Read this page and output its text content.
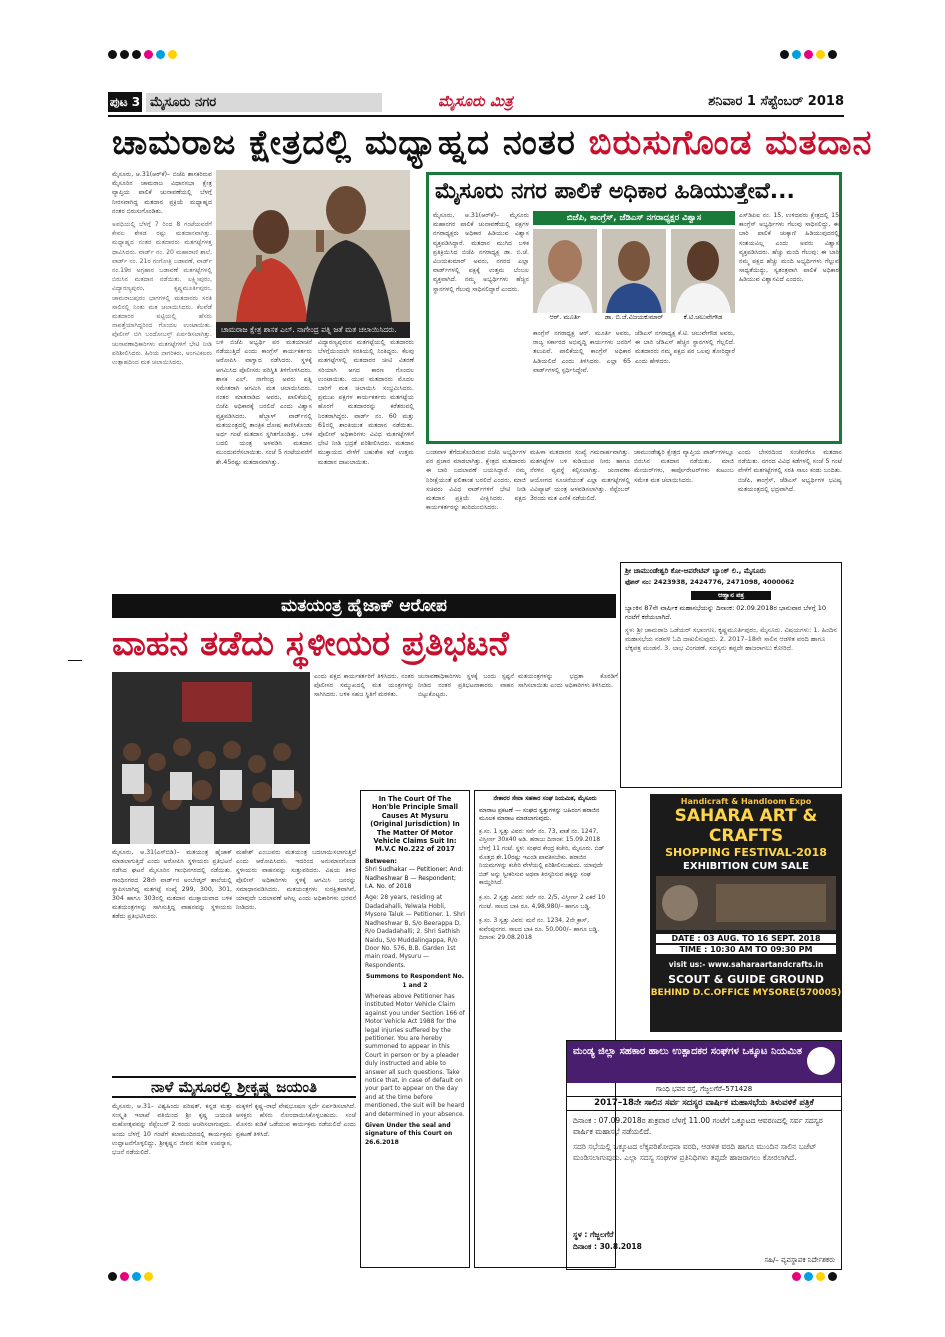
ಪುಟ 3 ಮೈಸೂರು ನಗರ	ಮೈಸೂರು ಮಿತ್ರ	ಶನಿವಾರ 1 ಸೆಪ್ಟೆಂಬರ್ 2018
ಚಾಮರಾಜ ಕ್ಷೇತ್ರದಲ್ಲಿ ಮಧ್ಯಾಹ್ನದ ನಂತರ ಬಿರುಸುಗೊಂಡ ಮತದಾನ
ಮೈಸೂರು, ಆ.31(ಆರ್‌ಕೆ)– ಬಿಜೆಪಿ ಶಾಸಕರಿರುವ ಮೈಸೂರಿನ ಚಾಮರಾಜ ವಿಧಾನಸಭಾ ಕ್ಷೇತ್ರ ವ್ಯಾಪ್ತಿಯ ಪಾಲಿಕೆ ಚುನಾವಣೆಯಲ್ಲಿ ಬೆಳಗ್ಗೆ ನೀರಸವಾಗಿದ್ದ ಮತದಾನ ಪ್ರಕ್ರಿಯೆ ಮಧ್ಯಾಹ್ನದ ನಂತರ ಬಿರುಸುಗೊಂಡಿತು.
ಅವಧಿಯಲ್ಲಿ ಬೆಳಗ್ಗೆ 7 ರಿಂದ 8 ಗಂಟೆಯವರೆಗೆ ಕೇವಲ ಶೇಕಡ ರಷ್ಟು ಮತದಾನವಾಗಿತ್ತು. ಮಧ್ಯಾಹ್ನದ ನಂತರ ಮತದಾರರು ಮತಗಟ್ಟೆಗಳತ್ತ ಧಾವಿಸಿದರು. ವಾರ್ಡ್ ನಂ. 20 ಮಹಾರಾಣಿ ಶಾಲೆ, ವಾರ್ಡ್ ನಂ. 21ರ ಗಂಗೋತ್ರಿ ಬಡಾವಣೆ, ವಾರ್ಡ್ ನಂ.19ರ ಅಗ್ರಹಾರ ಬಡಾವಣೆ ಮತಗಟ್ಟೆಗಳಲ್ಲಿ ಬಿರುಸಿನ ಮತದಾನ ನಡೆಯಿತು. ಲಕ್ಷ್ಮೀಪುರಂ, ವಿದ್ಯಾರಣ್ಯಪುರಂ, ಕೃಷ್ಣಮೂರ್ತಿಪುರಂ, ಚಾಮರಾಜಪುರಂ ಭಾಗಗಳಲ್ಲಿ ಮತದಾರರು ಸರತಿ ಸಾಲಿನಲ್ಲಿ ನಿಂತು ಮತ ಚಲಾಯಿಸಿದರು. ಕೆಲವೆಡೆ ಮತದಾರರ ಪಟ್ಟಿಯಲ್ಲಿ ಹೆಸರು ನಾಪತ್ತೆಯಾಗಿದ್ದರಿಂದ ಗೊಂದಲ ಉಂಟಾಯಿತು. ಪೊಲೀಸ್ ಬಿಗಿ ಬಂದೋಬಸ್ತ್ ಏರ್ಪಡಿಸಲಾಗಿತ್ತು. ಚುನಾವಣಾಧಿಕಾರಿಗಳು ಮತಗಟ್ಟೆಗಳಿಗೆ ಭೇಟಿ ನೀಡಿ ಪರಿಶೀಲಿಸಿದರು. ಹಿರಿಯ ನಾಗರಿಕರು, ಅಂಗವಿಕಲರು ಉತ್ಸಾಹದಿಂದ ಮತ ಚಲಾಯಿಸಿದರು.
ಚಾಮರಾಜ ಕ್ಷೇತ್ರ ಶಾಸಕ ಎಲ್. ನಾಗೇಂದ್ರ ಪತ್ನಿ ಜತೆ ಮತ ಚಲಾಯಿಸಿದರು.
ಬಳಿ ಬಿಜೆಪಿ ಅಭ್ಯರ್ಥಿ ಪರ ಮತಯಾಚನೆ ನಡೆಯುತ್ತಿದೆ ಎಂದು ಕಾಂಗ್ರೆಸ್ ಕಾರ್ಯಕರ್ತರು ಆರೋಪಿಸಿ ವಾಗ್ವಾದ ನಡೆಸಿದರು. ಸ್ಥಳಕ್ಕೆ ಆಗಮಿಸಿದ ಪೊಲೀಸರು ಪರಿಸ್ಥಿತಿ ತಿಳಿಗೊಳಿಸಿದರು. ಶಾಸಕ ಎಲ್. ನಾಗೇಂದ್ರ ಅವರು ಪತ್ನಿ ಸಮೇತರಾಗಿ ಆಗಮಿಸಿ ಮತ ಚಲಾಯಿಸಿದರು. ನಂತರ ಮಾತನಾಡಿದ ಅವರು, ಪಾಲಿಕೆಯಲ್ಲಿ ಬಿಜೆಪಿ ಅಧಿಕಾರಕ್ಕೆ ಬರಲಿದೆ ಎಂದು ವಿಶ್ವಾಸ ವ್ಯಕ್ತಪಡಿಸಿದರು. ಹೆಬ್ಬಾಳ್ ವಾರ್ಡ್‌ನಲ್ಲಿ ಮತಯಂತ್ರದಲ್ಲಿ ತಾಂತ್ರಿಕ ದೋಷ ಕಾಣಿಸಿಕೊಂಡು ಅರ್ಧ ಗಂಟೆ ಮತದಾನ ಸ್ಥಗಿತಗೊಂಡಿತ್ತು. ಬಳಿಕ ಬದಲಿ ಯಂತ್ರ ಅಳವಡಿಸಿ ಮತದಾನ ಮುಂದುವರೆಸಲಾಯಿತು. ಸಂಜೆ 5 ಗಂಟೆಯವರೆಗೆ ಶೇ.45ರಷ್ಟು ಮತದಾನವಾಗಿತ್ತು.
ವಿದ್ಯಾರಣ್ಯಪುರಂನ ಮತಗಟ್ಟೆಯಲ್ಲಿ ಮತದಾರರು ಬೆಳಗ್ಗೆಯಿಂದಲೇ ಸರತಿಯಲ್ಲಿ ನಿಂತಿದ್ದರು. ಕೆಲವು ಮತಗಟ್ಟೆಗಳಲ್ಲಿ ಮತದಾರರ ಚೀಟಿ ವಿತರಣೆ ಸರಿಯಾಗಿ ಆಗದ ಕಾರಣ ಗೊಂದಲ ಉಂಟಾಯಿತು. ಯುವ ಮತದಾರರು ಮೊದಲ ಬಾರಿಗೆ ಮತ ಚಲಾಯಿಸಿ ಸಂಭ್ರಮಿಸಿದರು. ಪ್ರಮುಖ ಪಕ್ಷಗಳ ಕಾರ್ಯಕರ್ತರು ಮತಗಟ್ಟೆಯ ಹೊರಗೆ ಮತದಾರರನ್ನು ಕರೆತರುವಲ್ಲಿ ನಿರತರಾಗಿದ್ದರು. ವಾರ್ಡ್ ನಂ. 60 ಮತ್ತು 61ರಲ್ಲಿ ಶಾಂತಿಯುತ ಮತದಾನ ನಡೆಯಿತು. ಪೊಲೀಸ್ ಅಧಿಕಾರಿಗಳು ವಿವಿಧ ಮತಗಟ್ಟೆಗಳಿಗೆ ಭೇಟಿ ನೀಡಿ ಭದ್ರತೆ ಪರಿಶೀಲಿಸಿದರು. ಮತದಾನ ಮುಕ್ತಾಯದ ವೇಳೆಗೆ ಬಹುತೇಕ ಕಡೆ ಉತ್ತಮ ಮತದಾನ ದಾಖಲಾಯಿತು.
ಮೈಸೂರು ನಗರ ಪಾಲಿಕೆ ಅಧಿಕಾರ ಹಿಡಿಯುತ್ತೇವೆ...
ಮೈಸೂರು, ಆ.31(ಆರ್‌ಕೆ)– ಮೈಸೂರು ಮಹಾನಗರ ಪಾಲಿಕೆ ಚುನಾವಣೆಯಲ್ಲಿ ಪಕ್ಷಗಳ ನಗರಾಧ್ಯಕ್ಷರು ಅಧಿಕಾರ ಹಿಡಿಯುವ ವಿಶ್ವಾಸ ವ್ಯಕ್ತಪಡಿಸಿದ್ದಾರೆ. ಮತದಾನ ಮುಗಿದ ಬಳಿಕ ಪ್ರತಿಕ್ರಿಯಿಸಿದ ಬಿಜೆಪಿ ನಗರಾಧ್ಯಕ್ಷ ಡಾ. ಬಿ.ಜೆ. ವಿಜಯಕುಮಾರ್ ಅವರು, ನಗರದ ಎಲ್ಲಾ ವಾರ್ಡ್‌ಗಳಲ್ಲಿ ಪಕ್ಷಕ್ಕೆ ಉತ್ತಮ ಬೆಂಬಲ ವ್ಯಕ್ತವಾಗಿದೆ. ನಮ್ಮ ಅಭ್ಯರ್ಥಿಗಳು ಹೆಚ್ಚಿನ ಸ್ಥಾನಗಳಲ್ಲಿ ಗೆಲುವು ಸಾಧಿಸಲಿದ್ದಾರೆ ಎಂದರು.
ಬಿಜೆಪಿ, ಕಾಂಗ್ರೆಸ್, ಜೆಡಿಎಸ್ ನಗರಾಧ್ಯಕ್ಷರ ವಿಶ್ವಾಸ
ಆರ್. ಮೂರ್ತಿ	ಡಾ. ಬಿ.ಜೆ.ವಿಜಯಕುಮಾರ್	ಕೆ.ಟಿ.ಚಲುವೇಗೌಡ
ಕಾಂಗ್ರೆಸ್ ನಗರಾಧ್ಯಕ್ಷ ಆರ್. ಮೂರ್ತಿ ಅವರು, ರಾಜ್ಯ ಸರ್ಕಾರದ ಅಭಿವೃದ್ಧಿ ಕಾರ್ಯಗಳು ಜನರಿಗೆ ತಲುಪಿವೆ. ಪಾಲಿಕೆಯಲ್ಲಿ ಕಾಂಗ್ರೆಸ್ ಅಧಿಕಾರ ಹಿಡಿಯಲಿದೆ ಎಂದು ತಿಳಿಸಿದರು. ಎಲ್ಲಾ 65 ವಾರ್ಡ್‌ಗಳಲ್ಲಿ ಸ್ಪರ್ಧಿಸಿದ್ದೇವೆ.
ಜೆಡಿಎಸ್ ನಗರಾಧ್ಯಕ್ಷ ಕೆ.ಟಿ. ಚಲುವೇಗೌಡ ಅವರು, ಈ ಬಾರಿ ಜೆಡಿಎಸ್ ಹೆಚ್ಚಿನ ಸ್ಥಾನಗಳಲ್ಲಿ ಗೆಲ್ಲಲಿದೆ. ಮತದಾರರು ನಮ್ಮ ಪಕ್ಷದ ಪರ ಒಲವು ತೋರಿದ್ದಾರೆ ಎಂದು ಹೇಳಿದರು.
ಎಸ್‌ಡಿಪಿಐ ನಂ. 15, ಉಳಿದವರು ಕ್ಷೇತ್ರದಲ್ಲಿ 15 ಕಾಂಗ್ರೆಸ್ ಅಭ್ಯರ್ಥಿಗಳು ಗೆಲುವು ಸಾಧಿಸಲಿದ್ದು, ಈ ಬಾರಿ ಪಾಲಿಕೆ ಚುಕ್ಕಾಣಿ ಹಿಡಿಯುವುದರಲ್ಲಿ ಸಂಶಯವಿಲ್ಲ ಎಂದು ಅವರು ವಿಶ್ವಾಸ ವ್ಯಕ್ತಪಡಿಸಿದರು. ಹೆಚ್ಚು ಮಂದಿ ಗೆಲುವು: ಈ ಬಾರಿ ನಮ್ಮ ಪಕ್ಷದ ಹೆಚ್ಚು ಮಂದಿ ಅಭ್ಯರ್ಥಿಗಳು ಗೆಲ್ಲುವ ಸಾಧ್ಯತೆಯಿದ್ದು, ಸ್ವತಂತ್ರವಾಗಿ ಪಾಲಿಕೆ ಅಧಿಕಾರ ಹಿಡಿಯುವ ವಿಶ್ವಾಸವಿದೆ ಎಂದರು.
ಬಂಡವಾಳ ತೆಗೆದುಕೊಂಡಿರುವ ಬಿಜೆಪಿ ಅಭ್ಯರ್ಥಿಗಳ ಪರ ಪ್ರಚಾರ ಮಾಡಲಾಗಿತ್ತು. ಕ್ಷೇತ್ರದ ಮತದಾರರು ಈ ಬಾರಿ ಬದಲಾವಣೆ ಬಯಸಿದ್ದಾರೆ. ನಮ್ಮ ನಿರೀಕ್ಷೆಯಂತೆ ಫಲಿತಾಂಶ ಬರಲಿದೆ ಎಂದರು. ಮಾಜಿ ಸಚಿವರು ವಿವಿಧ ವಾರ್ಡ್‌ಗಳಿಗೆ ಭೇಟಿ ನೀಡಿ ಮತದಾನ ಪ್ರಕ್ರಿಯೆ ವೀಕ್ಷಿಸಿದರು. ಪಕ್ಷದ ಕಾರ್ಯಕರ್ತರನ್ನು ಹುರಿದುಂಬಿಸಿದರು.
ಮಹಿಳಾ ಮತದಾರರ ಸಂಖ್ಯೆ ಗಮನಾರ್ಹವಾಗಿತ್ತು. ಮತಗಟ್ಟೆಗಳ ಬಳಿ ಕುಡಿಯುವ ನೀರು ಹಾಗೂ ನೆರಳಿನ ವ್ಯವಸ್ಥೆ ಕಲ್ಪಿಸಲಾಗಿತ್ತು. ಚುನಾವಣಾ ಆಯೋಗದ ಸೂಚನೆಯಂತೆ ಎಲ್ಲಾ ಮತಗಟ್ಟೆಗಳಲ್ಲಿ ವಿವಿಪ್ಯಾಟ್ ಯಂತ್ರ ಅಳವಡಿಸಲಾಗಿತ್ತು. ಸೆಪ್ಟೆಂಬರ್ 3ರಂದು ಮತ ಎಣಿಕೆ ನಡೆಯಲಿದೆ.
ಚಾಮುಂಡೇಶ್ವರಿ ಕ್ಷೇತ್ರದ ವ್ಯಾಪ್ತಿಯ ವಾರ್ಡ್‌ಗಳಲ್ಲೂ ಬಿರುಸಿನ ಮತದಾನ ನಡೆಯಿತು. ಮಾಜಿ ಮೇಯರ್‌ಗಳು, ಕಾರ್ಪೊರೇಟರ್‌ಗಳು ಕುಟುಂಬ ಸಮೇತ ಮತ ಚಲಾಯಿಸಿದರು.
ಎಂದು ಬೇಸರದಿಂದ ಸಂಜೆವರೆಗೂ ಮತದಾನ ನಡೆಯಿತು. ನಗರದ ವಿವಿಧ ಕಡೆಗಳಲ್ಲಿ ಸಂಜೆ 5 ಗಂಟೆ ವೇಳೆಗೆ ಮತಗಟ್ಟೆಗಳಲ್ಲಿ ಸರತಿ ಸಾಲು ಕಂಡು ಬಂದಿತು. ಬಿಜೆಪಿ, ಕಾಂಗ್ರೆಸ್, ಜೆಡಿಎಸ್ ಅಭ್ಯರ್ಥಿಗಳ ಭವಿಷ್ಯ ಮತಯಂತ್ರದಲ್ಲಿ ಭದ್ರವಾಗಿದೆ.
ಶ್ರೀ ಚಾಮುಂಡೇಶ್ವರಿ ಕೋ-ಆಪರೇಟಿವ್ ಬ್ಯಾಂಕ್ ಲಿ., ಮೈಸೂರು
ಫೋನ್ ನಂ: 2423938, 2424776, 2471098, 4000062
ಆಹ್ವಾನ ಪತ್ರ
ಬ್ಯಾಂಕಿನ 87ನೇ ವಾರ್ಷಿಕ ಮಹಾಸಭೆಯನ್ನು ದಿನಾಂಕ: 02.09.2018ರ ಭಾನುವಾರ ಬೆಳಗ್ಗೆ 10 ಗಂಟೆಗೆ ಕರೆಯಲಾಗಿದೆ.
ಸ್ಥಳ: ಶ್ರೀ ಚಾಮರಾಜ ಒಡೆಯರ್ ಸಭಾಂಗಣ, ಕೃಷ್ಣಮೂರ್ತಿಪುರಂ, ಮೈಸೂರು. ವಿಷಯಗಳು: 1. ಹಿಂದಿನ ಮಹಾಸಭೆಯ ನಡವಳಿ ಓದಿ ದಾಖಲಿಸುವುದು. 2. 2017–18ನೇ ಸಾಲಿನ ಆಡಳಿತ ವರದಿ ಹಾಗೂ ಲೆಕ್ಕಪತ್ರ ಮಂಡನೆ. 3. ಲಾಭ ವಿಂಗಡಣೆ. ಸದಸ್ಯರು ತಪ್ಪದೇ ಹಾಜರಾಗಲು ಕೋರಿದೆ.
ಮತಯಂತ್ರ ಹೈಜಾಕ್ ಆರೋಪ
ವಾಹನ ತಡೆದು ಸ್ಥಳೀಯರ ಪ್ರತಿಭಟನೆ
ಎಂದು ಪಕ್ಷದ ಕಾರ್ಯಕರ್ತರಿಗೆ ತಿಳಿಸಿದರು. ನಂತರ ಪೊಲೀಸರ ಸಮ್ಮುಖದಲ್ಲಿ ಮತ ಯಂತ್ರಗಳನ್ನು ಸಾಗಿಸಿದರು. ಬಳಿಕ ಸಹಜ ಸ್ಥಿತಿಗೆ ಮರಳಿತು.
ಚುನಾವಣಾಧಿಕಾರಿಗಳು ಸ್ಥಳಕ್ಕೆ ಬಂದು ಸ್ಪಷ್ಟನೆ ನೀಡಿದ ನಂತರ ಪ್ರತಿಭಟನಾಕಾರರು ವಾಹನ ಬಿಟ್ಟುಕೊಟ್ಟರು.
ಮತಯಂತ್ರಗಳನ್ನು ಭದ್ರತಾ ಕೊಠಡಿಗೆ ಸಾಗಿಸಲಾಯಿತು ಎಂದು ಅಧಿಕಾರಿಗಳು ತಿಳಿಸಿದರು.
ಮೈಸೂರು, ಆ.31(ಎಸ್‌ಬಿಡಿ)– ಮತಯಂತ್ರ ಹೈಜಾಕ್ ಮಾಡಲಾಗುತ್ತಿದೆ ಎಂದು ಆರೋಪಿಸಿ ಸ್ಥಳೀಯರು ಪ್ರತಿಭಟನೆ ನಡೆಸಿದ ಘಟನೆ ಮೈಸೂರಿನ ಗಾಂಧಿನಗರದಲ್ಲಿ ನಡೆಯಿತು. ಗಾಂಧಿನಗರದ 28ನೇ ವಾರ್ಡ್‌ನ ಅಂಬೇಡ್ಕರ್ ಶಾಲೆಯಲ್ಲಿ ಸ್ಥಾಪಿಸಲಾಗಿದ್ದ ಮತಗಟ್ಟೆ ಸಂಖ್ಯೆ 299, 300, 301, 304 ಹಾಗೂ 303ರಲ್ಲಿ ಮತದಾನ ಮುಕ್ತಾಯವಾದ ಬಳಿಕ ಮತಯಂತ್ರಗಳನ್ನು ಸಾಗಿಸುತ್ತಿದ್ದ ವಾಹನವನ್ನು ಸ್ಥಳೀಯರು ತಡೆದು ಪ್ರತಿಭಟಿಸಿದರು.
ಮಹೇಶ್ ಎಂಬುವರು ಮತಯಂತ್ರ ಬದಲಾಯಿಸಲಾಗುತ್ತಿದೆ ಎಂದು ಆರೋಪಿಸಿದರು. ಇದರಿಂದ ಅನುಮಾನಗೊಂಡ ಸ್ಥಳೀಯರು ವಾಹನವನ್ನು ಸುತ್ತುವರಿದರು. ವಿಷಯ ತಿಳಿದ ಪೊಲೀಸ್ ಅಧಿಕಾರಿಗಳು ಸ್ಥಳಕ್ಕೆ ಆಗಮಿಸಿ ಜನರನ್ನು ಸಮಾಧಾನಪಡಿಸಿದರು. ಮತಯಂತ್ರಗಳು ಸುರಕ್ಷಿತವಾಗಿವೆ, ಯಾವುದೇ ಬದಲಾವಣೆ ಆಗಿಲ್ಲ ಎಂದು ಅಧಿಕಾರಿಗಳು ಭರವಸೆ ನೀಡಿದರು.
In The Court Of The Hon'ble Principle Small Causes At Mysuru (Original Jurisdiction) In The Matter Of Motor Vehicle Claims Suit In: M.V.C No.222 of 2017
Between:
Shri Sudhakar — Petitioner; And: Nadheshwar B — Respondent; I.A. No. of 2018
Age: 28 years, residing at Dadadahalli, Yelwala Hobli, Mysore Taluk — Petitioner. 1. Shri Nadheshwar B, S/o Beerappa D, R/o Dadadahalli; 2. Shri Sathish Naidu, S/o Muddalingappa, R/o Door No. 576, B.B. Garden 1st main road, Mysuru — Respondents.
Summons to Respondent No. 1 and 2
Whereas above Petitioner has instituted Motor Vehicle Claim against you under Section 166 of Motor Vehicle Act 1988 for the legal injuries suffered by the petitioner. You are hereby summoned to appear in this Court in person or by a pleader duly instructed and able to answer all such questions. Take notice that, in case of default on your part to appear on the day and at the time before mentioned, the suit will be heard and determined in your absence.
Given Under the seal and signature of this Court on 26.6.2018
ನೇಕಾರರ ಸೇವಾ ಸಹಕಾರ ಸಂಘ ನಿಯಮಿತ, ಮೈಸೂರು
ಮಾರಾಟ ಪ್ರಕಟಣೆ — ಸಂಘದ ಸ್ವತ್ತುಗಳನ್ನು ಬಹಿರಂಗ ಹರಾಜಿನ ಮೂಲಕ ಮಾರಾಟ ಮಾಡಲಾಗುವುದು.
ಕ್ರ.ಸಂ. 1 ಸ್ವತ್ತು ವಿವರ: ಸರ್ವೆ ನಂ. 73, ಖಾತೆ ನಂ. 1247, ವಿಸ್ತೀರ್ಣ 30x40 ಅಡಿ. ಹರಾಜು ದಿನಾಂಕ: 15.09.2018 ಬೆಳಗ್ಗೆ 11 ಗಂಟೆ. ಸ್ಥಳ: ಸಂಘದ ಕೇಂದ್ರ ಕಚೇರಿ, ಮೈಸೂರು. ಬಿಡ್ ಮೊತ್ತದ ಶೇ.10ರಷ್ಟು ಇಎಂಡಿ ಪಾವತಿಸಬೇಕು. ಹರಾಜಿನ ನಿಯಮಗಳನ್ನು ಕಚೇರಿ ವೇಳೆಯಲ್ಲಿ ಪರಿಶೀಲಿಸಬಹುದು. ಯಾವುದೇ ಬಿಡ್ ಅನ್ನು ಸ್ವೀಕರಿಸುವ ಅಥವಾ ತಿರಸ್ಕರಿಸುವ ಹಕ್ಕನ್ನು ಸಂಘ ಕಾಯ್ದಿರಿಸಿದೆ.
ಕ್ರ.ಸಂ. 2 ಸ್ವತ್ತು ವಿವರ: ಸರ್ವೆ ನಂ. 2/5, ವಿಸ್ತೀರ್ಣ 2 ಎಕರೆ 10 ಗುಂಟೆ. ಸಾಲದ ಬಾಕಿ ರೂ. 4,98,980/– ಹಾಗೂ ಬಡ್ಡಿ.
ಕ್ರ.ಸಂ. 3 ಸ್ವತ್ತು ವಿವರ: ಮನೆ ನಂ. 1234, 2ನೇ ಕ್ರಾಸ್, ಕುವೆಂಪುನಗರ. ಸಾಲದ ಬಾಕಿ ರೂ. 50,000/– ಹಾಗೂ ಬಡ್ಡಿ. ದಿನಾಂಕ: 29.08.2018
ನಾಳೆ ಮೈಸೂರಲ್ಲಿ ಶ್ರೀಕೃಷ್ಣ ಜಯಂತಿ
ಮೈಸೂರು, ಆ.31– ವಿಶ್ವಹಿಂದು ಪರಿಷತ್, ಕನ್ನಡ ಮತ್ತು ಸಂಸ್ಕೃತಿ ಇಲಾಖೆ ವತಿಯಿಂದ ಶ್ರೀ ಕೃಷ್ಣ ಜಯಂತಿ ಮಹೋತ್ಸವವನ್ನು ಸೆಪ್ಟೆಂಬರ್ 2 ರಂದು ಆಚರಿಸಲಾಗುವುದು. ಅಂದು ಬೆಳಗ್ಗೆ 10 ಗಂಟೆಗೆ ಕಲಾಮಂದಿರದಲ್ಲಿ ಕಾರ್ಯಕ್ರಮ ಉದ್ಘಾಟನೆಗೊಳ್ಳಲಿದ್ದು, ಶ್ರೀಕೃಷ್ಣನ ಜೀವನ ಕುರಿತ ಉಪನ್ಯಾಸ, ಭಜನೆ ನಡೆಯಲಿದೆ.
ಮಕ್ಕಳಿಗೆ ಕೃಷ್ಣ–ರಾಧೆ ವೇಷಭೂಷಣ ಸ್ಪರ್ಧೆ ಏರ್ಪಡಿಸಲಾಗಿದೆ. ಆಸಕ್ತರು ಹೆಸರು ನೋಂದಾಯಿಸಿಕೊಳ್ಳಬಹುದು. ಸಂಜೆ ಮೊಸರು ಕುಡಿಕೆ ಒಡೆಯುವ ಕಾರ್ಯಕ್ರಮ ನಡೆಯಲಿದೆ ಎಂದು ಪ್ರಕಟಣೆ ತಿಳಿಸಿದೆ.
Handicraft & Handloom Expo
SAHARA ART & CRAFTS
SHOPPING FESTIVAL-2018
EXHIBITION CUM SALE
DATE : 03 AUG. TO 16 SEPT. 2018
TIME : 10:30 AM TO 09:30 PM
visit us:- www.saharaartandcrafts.in
SCOUT & GUIDE GROUND
BEHIND D.C.OFFICE MYSORE(570005)
ಮಂಡ್ಯ ಜಿಲ್ಲಾ ಸಹಕಾರ ಹಾಲು ಉತ್ಪಾದಕರ ಸಂಘಗಳ ಒಕ್ಕೂಟ ನಿಯಮಿತ
ಗಾಂಧಿ ಭವನ ರಸ್ತೆ, ಗೆಜ್ಜಲಗೆರೆ–571428
2017–18ನೇ ಸಾಲಿನ ಸರ್ವ ಸದಸ್ಯರ ವಾರ್ಷಿಕ ಮಹಾಸಭೆಯ ತಿಳುವಳಿಕೆ ಪತ್ರಿಕೆ
ದಿನಾಂಕ : 07.09.2018ರ ಶುಕ್ರವಾರ ಬೆಳಗ್ಗೆ 11.00 ಗಂಟೆಗೆ ಒಕ್ಕೂಟದ ಆವರಣದಲ್ಲಿ ಸರ್ವ ಸದಸ್ಯರ ವಾರ್ಷಿಕ ಮಹಾಸಭೆ ನಡೆಯಲಿದೆ.
ಸದರಿ ಸಭೆಯಲ್ಲಿ ಒಕ್ಕೂಟದ ಲೆಕ್ಕಪರಿಶೋಧನಾ ವರದಿ, ಆಡಳಿತ ವರದಿ ಹಾಗೂ ಮುಂದಿನ ಸಾಲಿನ ಬಜೆಟ್ ಮಂಡಿಸಲಾಗುವುದು. ಎಲ್ಲಾ ಸದಸ್ಯ ಸಂಘಗಳ ಪ್ರತಿನಿಧಿಗಳು ತಪ್ಪದೇ ಹಾಜರಾಗಲು ಕೋರಲಾಗಿದೆ.
ಸ್ಥಳ : ಗೆಜ್ಜಲಗೆರೆ
ದಿನಾಂಕ : 30.8.2018
ಸಹಿ/– ವ್ಯವಸ್ಥಾಪಕ ನಿರ್ದೇಶಕರು
